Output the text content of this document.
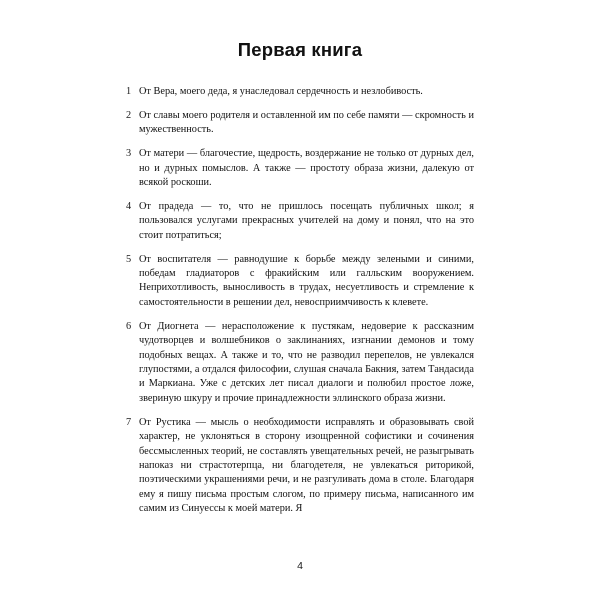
Первая книга
1 От Вера, моего деда, я унаследовал сердечность и незлобивость.
2 От славы моего родителя и оставленной им по себе памяти — скромность и мужественность.
3 От матери — благочестие, щедрость, воздержание не только от дурных дел, но и дурных помыслов. А также — простоту образа жизни, далекую от всякой роскоши.
4 От прадеда — то, что не пришлось посещать публичных школ; я пользовался услугами прекрасных учителей на дому и понял, что на это стоит потратиться;
5 От воспитателя — равнодушие к борьбе между зелеными и синими, победам гладиаторов с фракийским или галльским вооружением. Неприхотливость, выносливость в трудах, несуетливость и стремление к самостоятельности в решении дел, невосприимчивость к клевете.
6 От Диогнета — нерасположение к пустякам, недоверие к рассказним чудотворцев и волшебников о заклинаниях, изгнании демонов и тому подобных вещах. А также и то, что не разводил перепелов, не увлекался глупостями, а отдался философии, слушая сначала Бакния, затем Тандасида и Маркиана. Уже с детских лет писал диалоги и полюбил простое ложе, звериную шкуру и прочие принадлежности эллинского образа жизни.
7 От Рустика — мысль о необходимости исправлять и образовывать свой характер, не уклоняться в сторону изощренной софистики и сочинения бессмысленных теорий, не составлять увещательных речей, не разыгрывать напоказ ни страстотерпца, ни благодетеля, не увлекаться риторикой, поэтическими украшениями речи, и не разгуливать дома в столе. Благодаря ему я пишу письма простым слогом, по примеру письма, написанного им самим из Синуессы к моей матери. Я
4
